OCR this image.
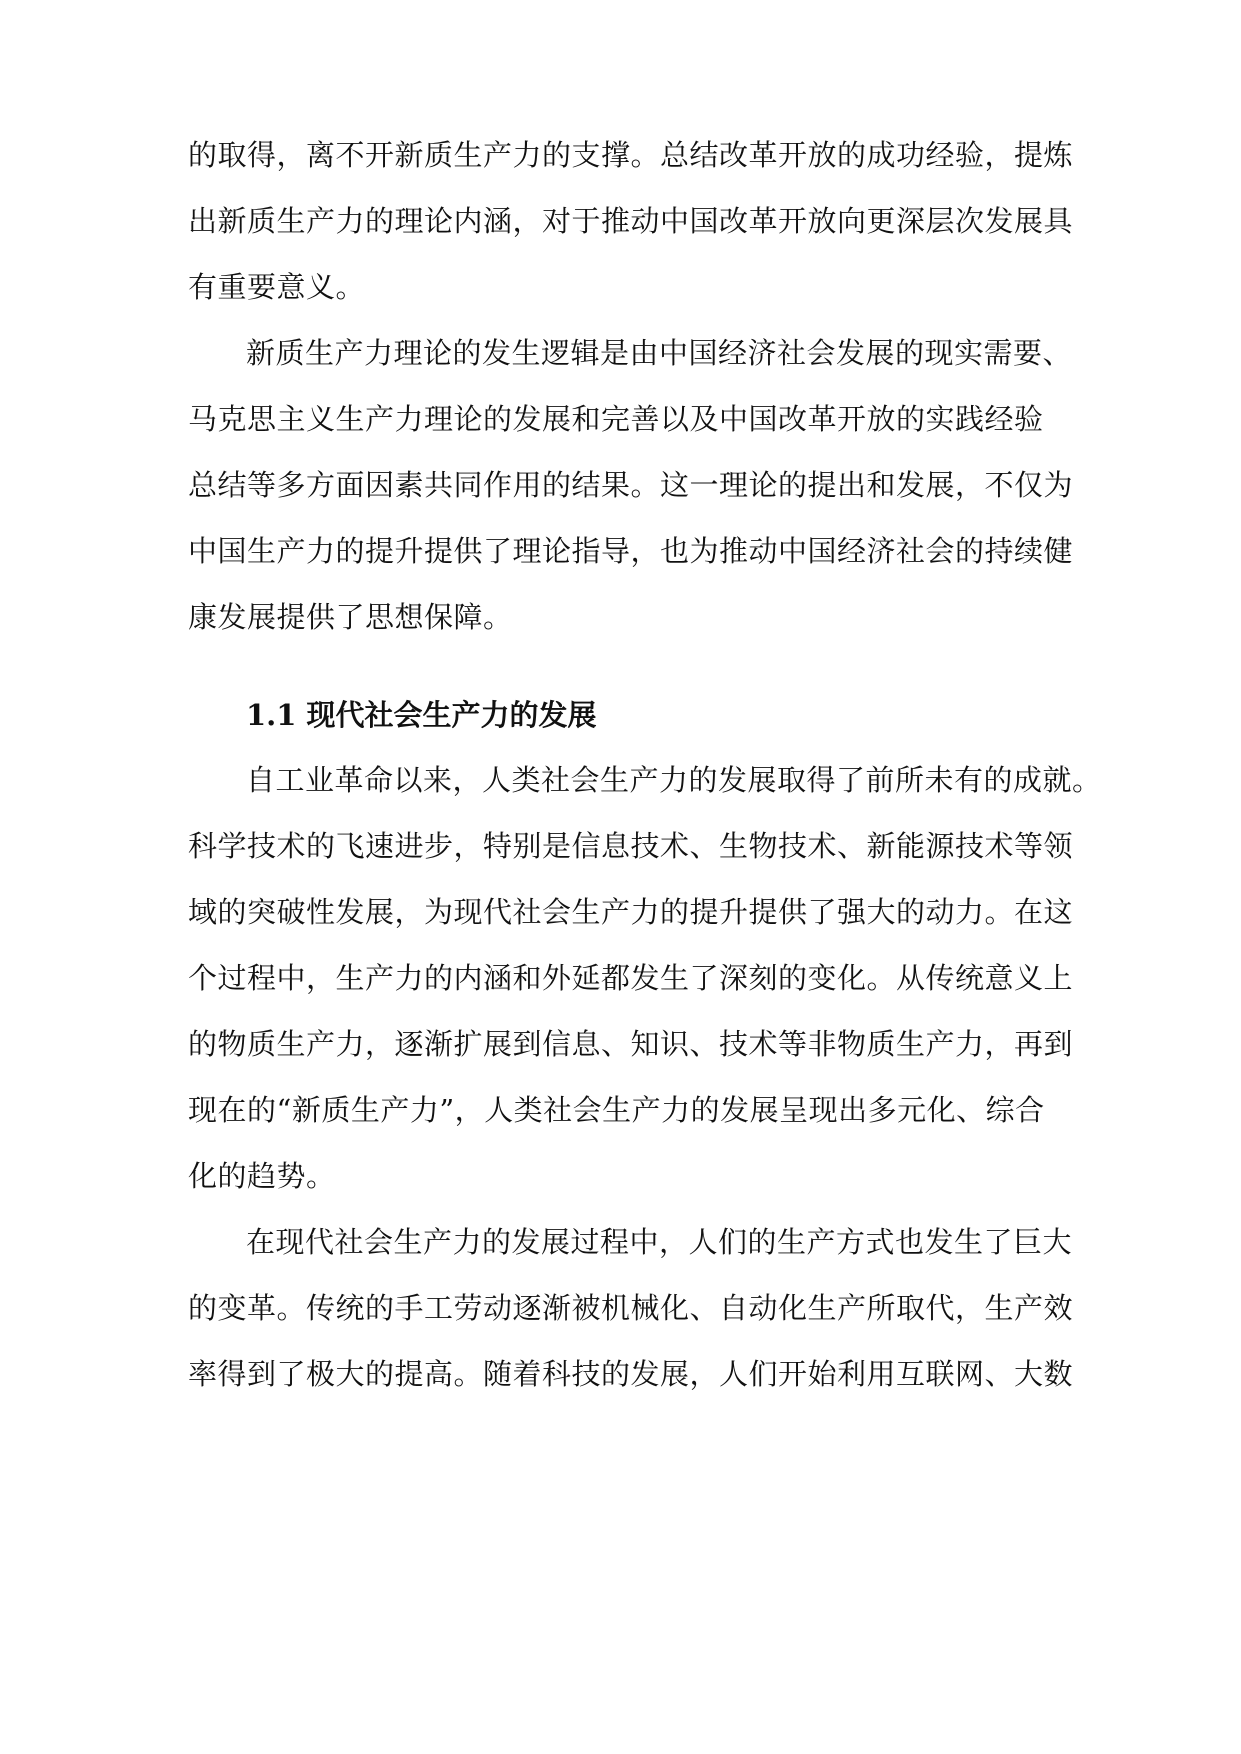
的取得，离不开新质生产力的支撑。总结改革开放的成功经验，提炼
出新质生产力的理论内涵，对于推动中国改革开放向更深层次发展具
有重要意义。
新质生产力理论的发生逻辑是由中国经济社会发展的现实需要、
马克思主义生产力理论的发展和完善以及中国改革开放的实践经验
总结等多方面因素共同作用的结果。这一理论的提出和发展，不仅为
中国生产力的提升提供了理论指导，也为推动中国经济社会的持续健
康发展提供了思想保障。
1.1 现代社会生产力的发展
自工业革命以来，人类社会生产力的发展取得了前所未有的成就。
科学技术的飞速进步，特别是信息技术、生物技术、新能源技术等领
域的突破性发展，为现代社会生产力的提升提供了强大的动力。在这
个过程中，生产力的内涵和外延都发生了深刻的变化。从传统意义上
的物质生产力，逐渐扩展到信息、知识、技术等非物质生产力，再到
现在的“新质生产力”，人类社会生产力的发展呈现出多元化、综合
化的趋势。
在现代社会生产力的发展过程中，人们的生产方式也发生了巨大
的变革。传统的手工劳动逐渐被机械化、自动化生产所取代，生产效
率得到了极大的提高。随着科技的发展，人们开始利用互联网、大数
